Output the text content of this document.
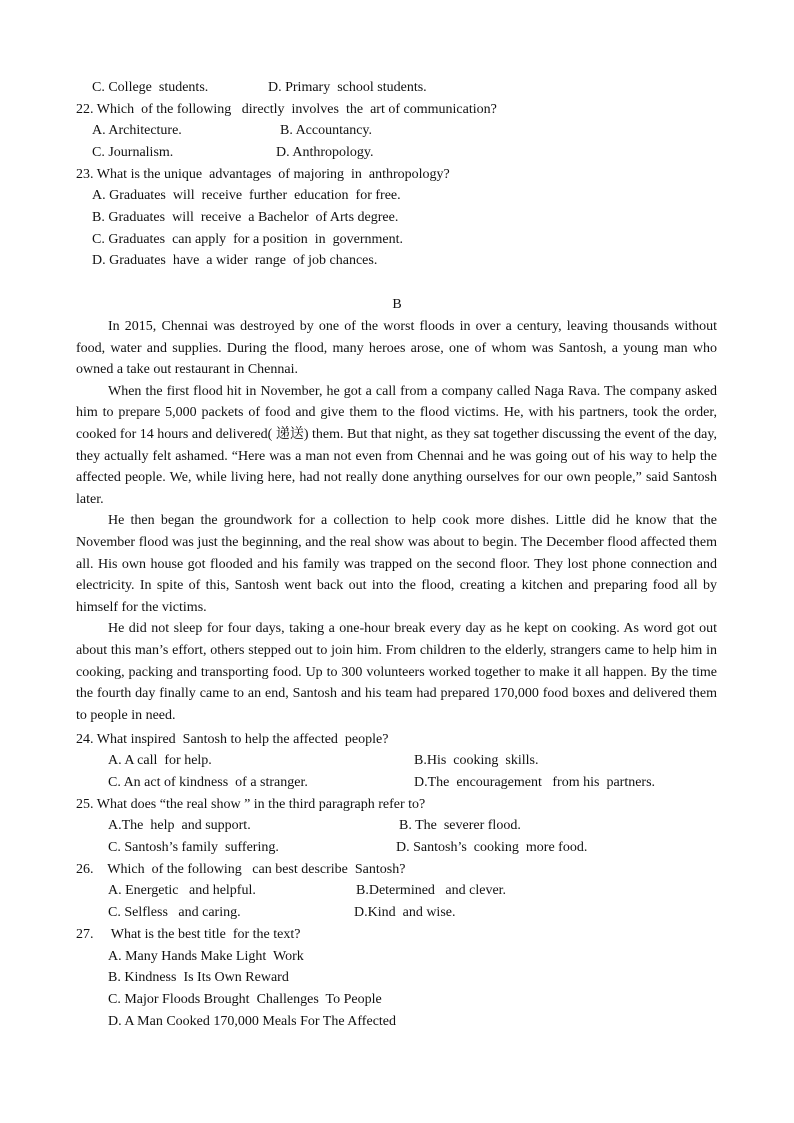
C. College  students.	D. Primary  school students.
22. Which  of the following   directly  involves  the  art of communication?
A. Architecture.	B. Accountancy.
C. Journalism.	D. Anthropology.
23. What is the unique  advantages  of majoring  in  anthropology?
A. Graduates  will  receive  further  education  for free.
B. Graduates  will  receive  a Bachelor  of Arts degree.
C. Graduates  can apply  for a position  in  government.
D. Graduates  have  a wider  range  of job chances.
B

In 2015, Chennai was destroyed by one of the worst floods in over a century, leaving thousands without food, water and supplies. During the flood, many heroes arose, one of whom was Santosh, a young man who owned a take out restaurant in Chennai.

When the first flood hit in November, he got a call from a company called Naga Rava. The company asked him to prepare 5,000 packets of food and give them to the flood victims. He, with his partners, took the order, cooked for 14 hours and delivered( 递送) them. But that night, as they sat together discussing the event of the day, they actually felt ashamed. “Here was a man not even from Chennai and he was going out of his way to help the affected people. We, while living here, had not really done anything ourselves for our own people,” said Santosh later.

He then began the groundwork for a collection to help cook more dishes. Little did he know that the November flood was just the beginning, and the real show was about to begin. The December flood affected them all. His own house got flooded and his family was trapped on the second floor. They lost phone connection and electricity. In spite of this, Santosh went back out into the flood, creating a kitchen and preparing food all by himself for the victims.

He did not sleep for four days, taking a one-hour break every day as he kept on cooking. As word got out about this man’s effort, others stepped out to join him. From children to the elderly, strangers came to help him in cooking, packing and transporting food. Up to 300 volunteers worked together to make it all happen. By the time the fourth day finally came to an end, Santosh and his team had prepared 170,000 food boxes and delivered them to people in need.

24. What inspired  Santosh to help the affected  people?
A. A call  for help.	B.His  cooking  skills.
C. An act of kindness  of a stranger.	D.The  encouragement   from his  partners.
25. What does “the real show ” in the third paragraph refer to?
A.The  help  and support.	B. The  severer flood.
C. Santosh’s family  suffering.	D. Santosh’s  cooking  more food.
26.    Which  of the following   can best describe  Santosh?
A. Energetic   and helpful.	B.Determined   and clever.
C. Selfless   and caring.	D.Kind  and wise.
27.     What is the best title  for the text?
A. Many Hands Make Light  Work
B. Kindness  Is Its Own Reward
C. Major Floods Brought  Challenges  To People
D. A Man Cooked 170,000 Meals For The Affected
